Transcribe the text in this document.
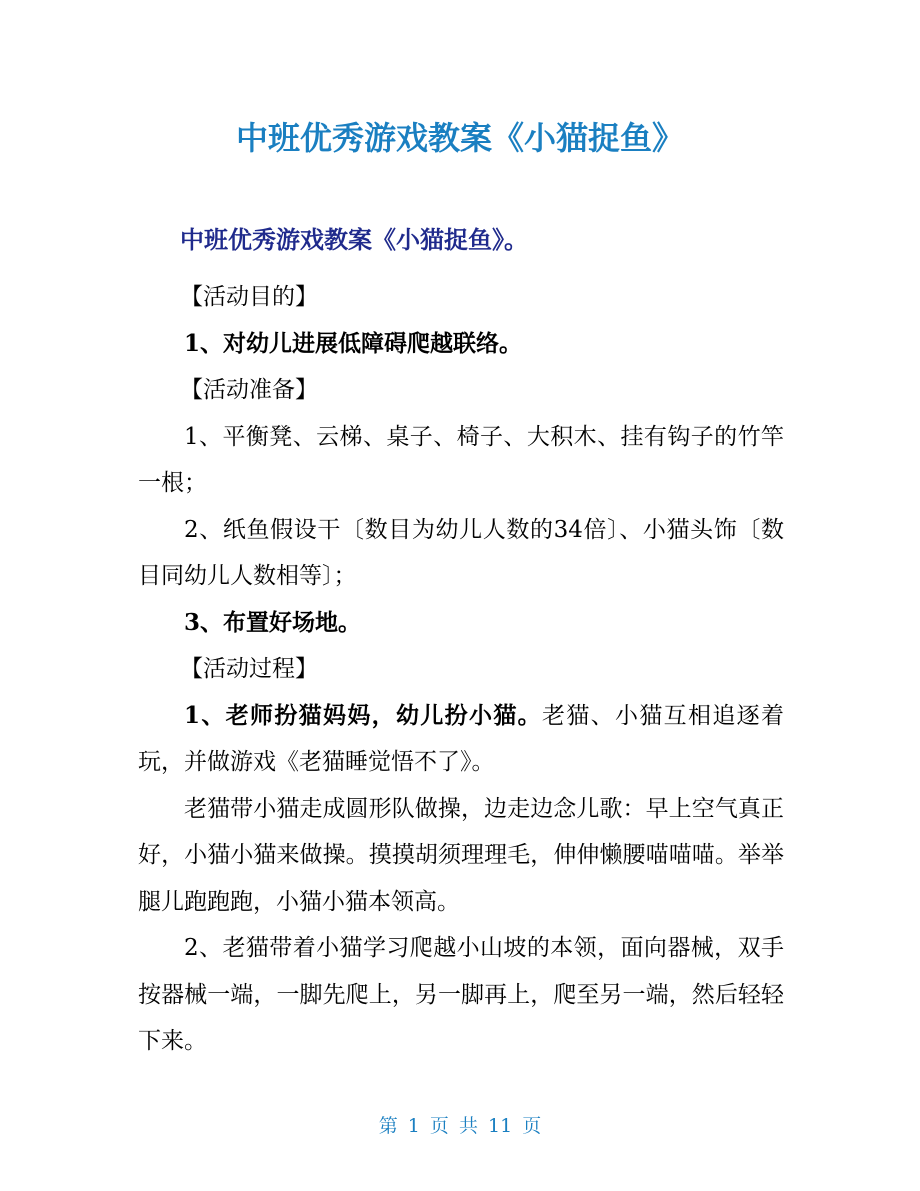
中班优秀游戏教案《小猫捉鱼》
中班优秀游戏教案《小猫捉鱼》。

【活动目的】

1、对幼儿进展低障碍爬越联络。

【活动准备】

1、平衡凳、云梯、桌子、椅子、大积木、挂有钩子的竹竿一根；

2、纸鱼假设干〔数目为幼儿人数的34倍〕、小猫头饰〔数目同幼儿人数相等〕；

3、布置好场地。

【活动过程】

1、老师扮猫妈妈，幼儿扮小猫。老猫、小猫互相追逐着玩，并做游戏《老猫睡觉悟不了》。

老猫带小猫走成圆形队做操，边走边念儿歌：早上空气真正好，小猫小猫来做操。摸摸胡须理理毛，伸伸懒腰喵喵喵。举举腿儿跑跑跑，小猫小猫本领高。

2、老猫带着小猫学习爬越小山坡的本领，面向器械，双手按器械一端，一脚先爬上，另一脚再上，爬至另一端，然后轻轻下来。

第 1 页 共 11 页
